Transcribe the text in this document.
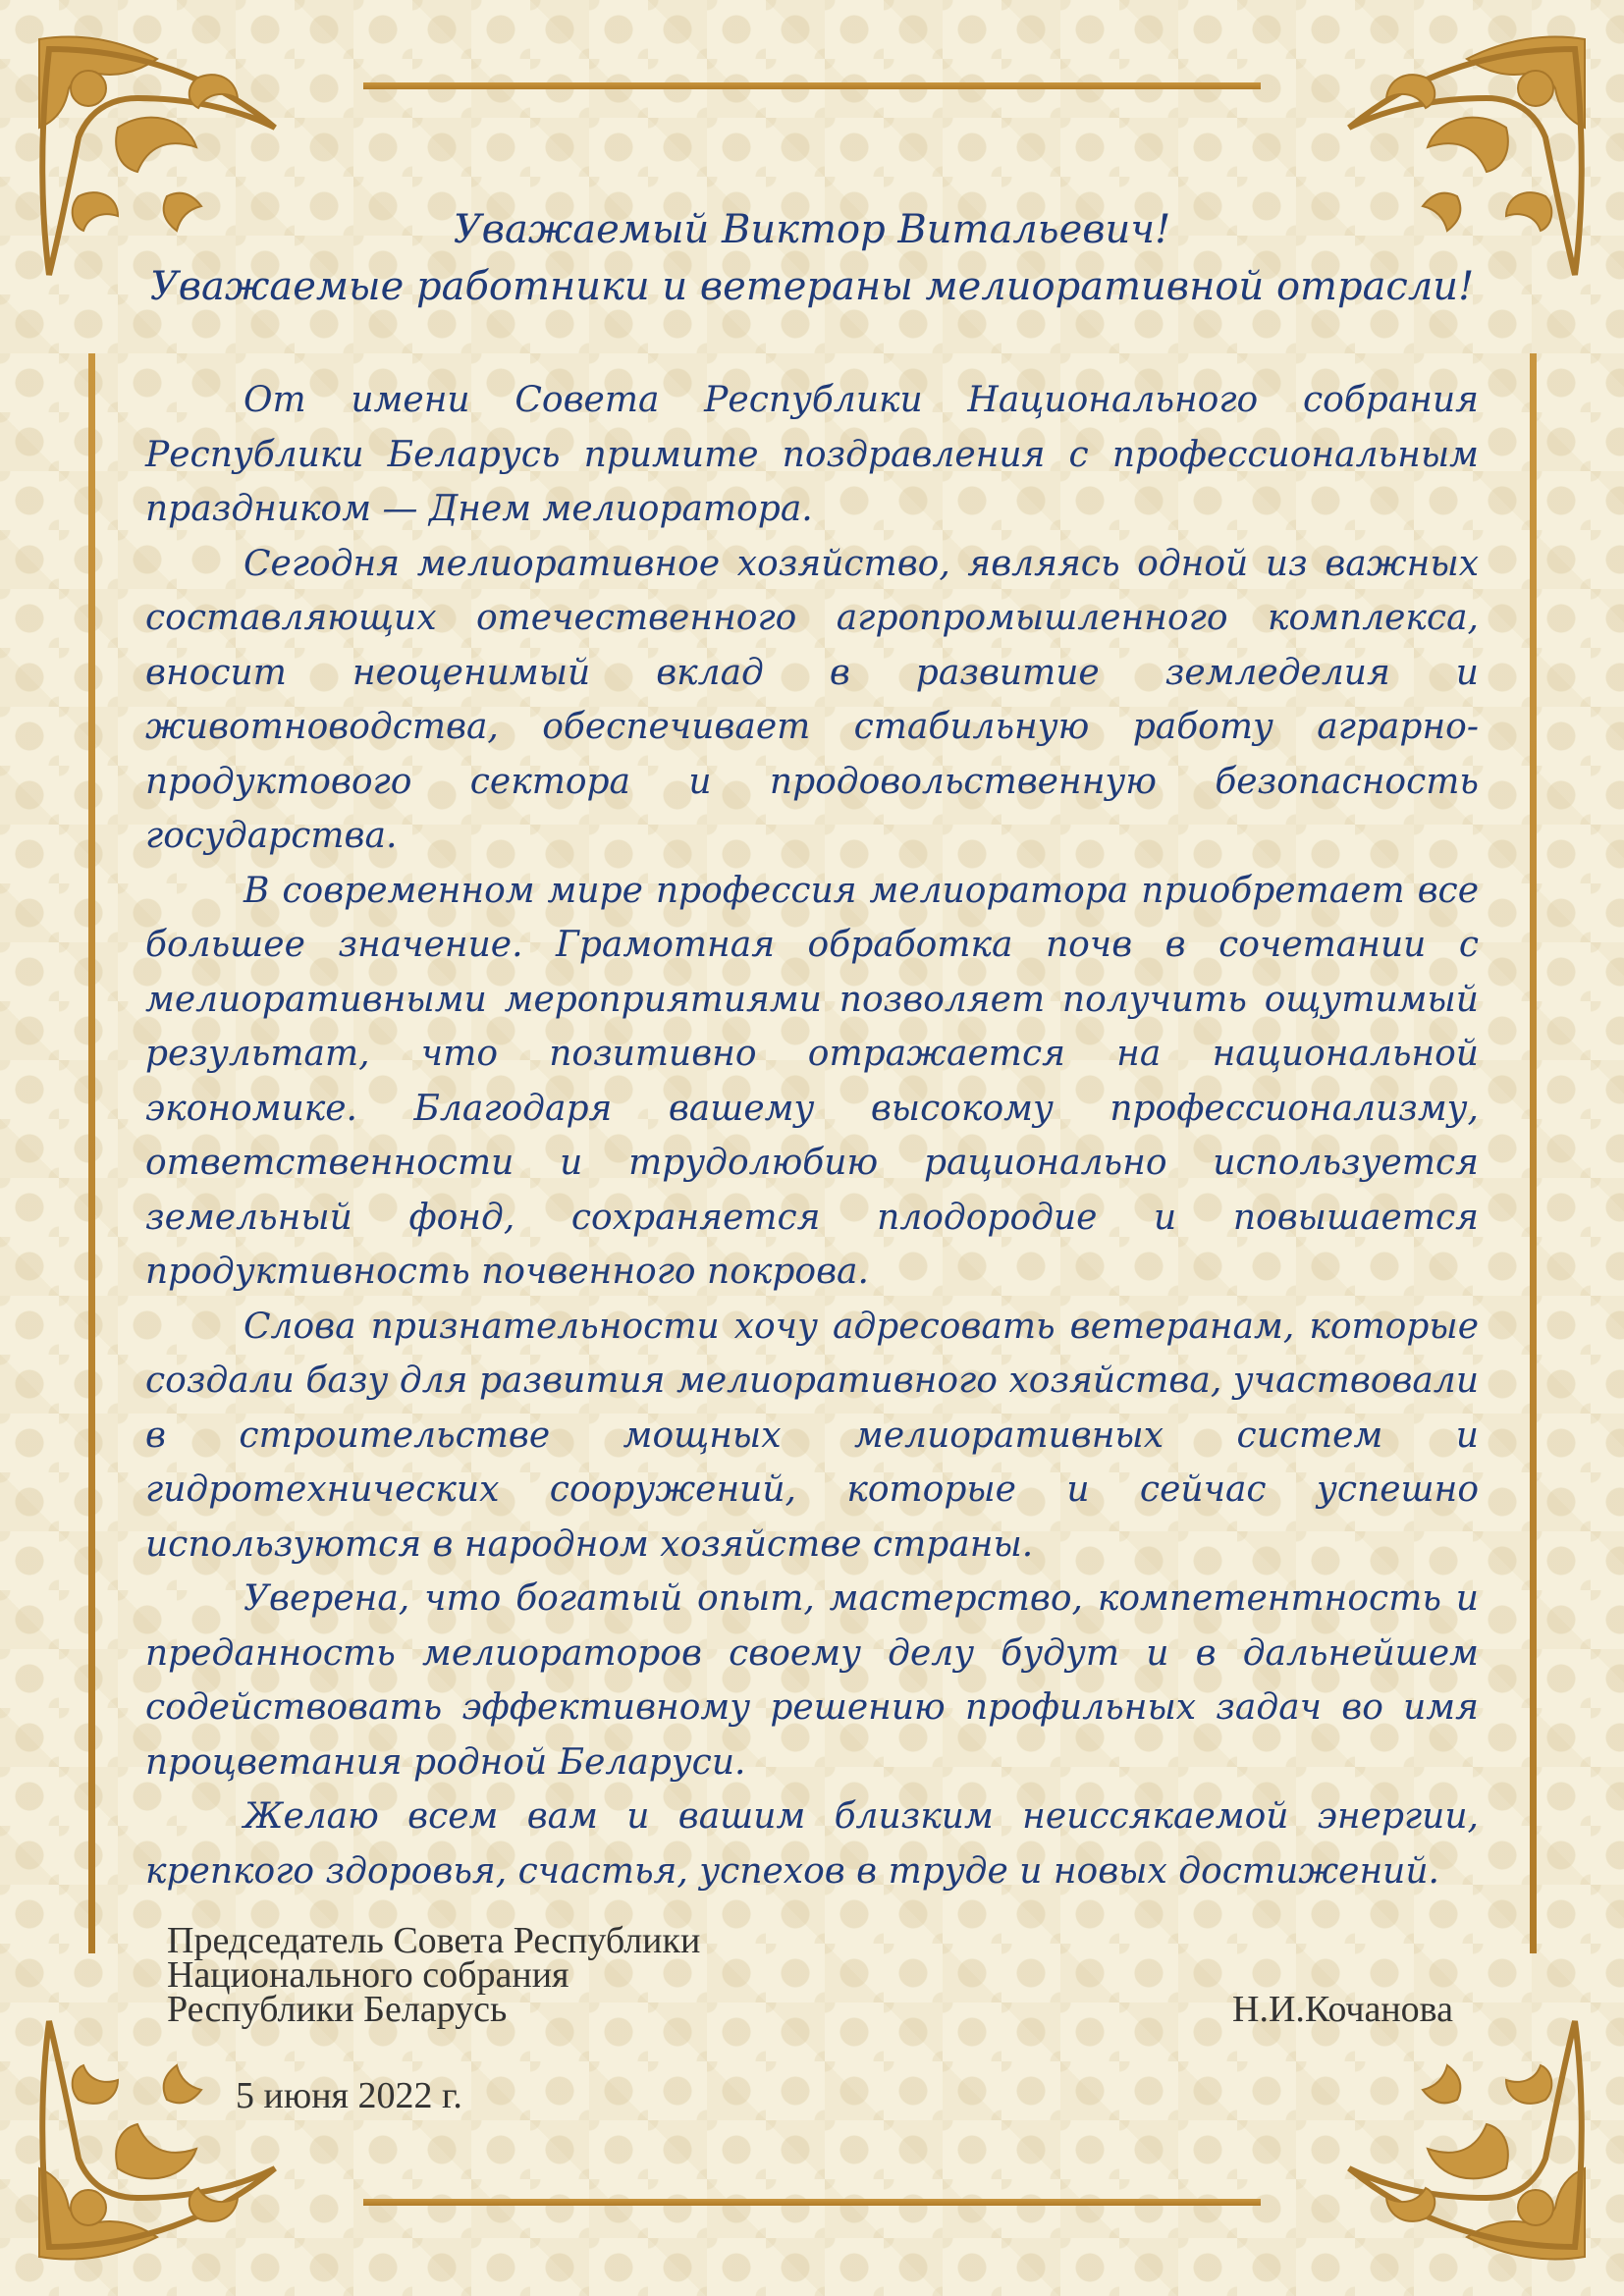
Уважаемый Виктор Витальевич!
Уважаемые работники и ветераны мелиоративной отрасли!

От имени Совета Республики Национального собрания Республики Беларусь примите поздравления с профессиональным праздником — Днем мелиоратора.

Сегодня мелиоративное хозяйство, являясь одной из важных составляющих отечественного агропромышленного комплекса, вносит неоценимый вклад в развитие земледелия и животноводства, обеспечивает стабильную работу аграрно-продуктового сектора и продовольственную безопасность государства.

В современном мире профессия мелиоратора приобретает все большее значение. Грамотная обработка почв в сочетании с мелиоративными мероприятиями позволяет получить ощутимый результат, что позитивно отражается на национальной экономике. Благодаря вашему высокому профессионализму, ответственности и трудолюбию рационально используется земельный фонд, сохраняется плодородие и повышается продуктивность почвенного покрова.

Слова признательности хочу адресовать ветеранам, которые создали базу для развития мелиоративного хозяйства, участвовали в строительстве мощных мелиоративных систем и гидротехнических сооружений, которые и сейчас успешно используются в народном хозяйстве страны.

Уверена, что богатый опыт, мастерство, компетентность и преданность мелиораторов своему делу будут и в дальнейшем содействовать эффективному решению профильных задач во имя процветания родной Беларуси.

Желаю всем вам и вашим близким неиссякаемой энергии, крепкого здоровья, счастья, успехов в труде и новых достижений.

Председатель Совета Республики
Национального собрания
Республики Беларусь	Н.И.Кочанова
5 июня 2022 г.
